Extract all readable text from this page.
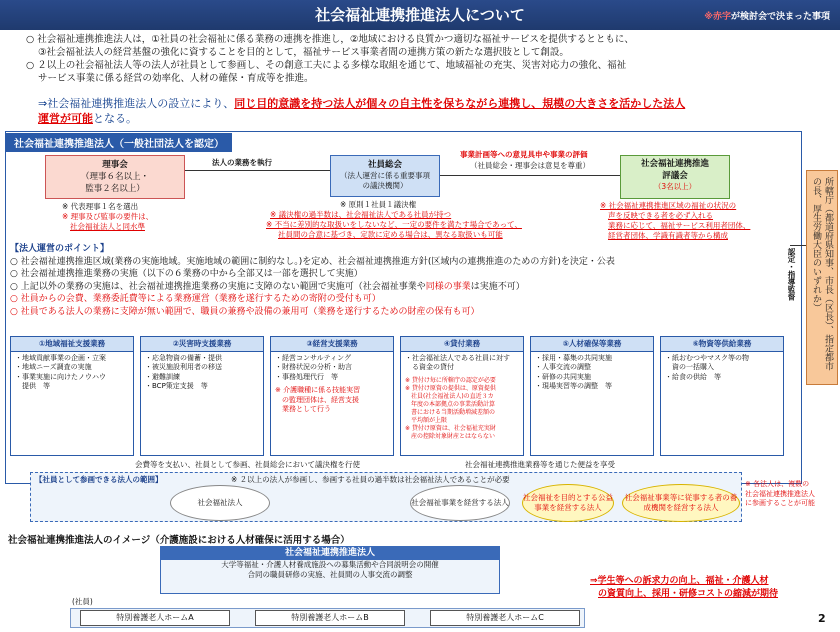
社会福祉連携推進法人について	※赤字が検討会で決まった事項
○ 社会福祉連携推進法人は，①社員の社会福祉に係る業務の連携を推進し，②地域における良質かつ適切な福祉サービスを提供するとともに、
③社会福祉法人の経営基盤の強化に資することを目的として，福祉サービス事業者間の連携方策の新たな選択肢として創設。
○ ２以上の社会福祉法人等の法人が社員として参画し、その創意工夫による多様な取組を通じて、地域福祉の充実、災害対応力の強化、福祉
サービス事業に係る経営の効率化、人材の確保・育成等を推進。
⇒社会福祉連携推進法人の設立により、同じ目的意識を持つ法人が個々の自主性を保ちながら連携し、規模の大きさを活かした法人
運営が可能となる。
社会福祉連携推進法人（一般社団法人を認定）
理事会
（理事６名以上・
監事２名以上）
※ 代表理事１名を選出
※ 理事及び監事の要件は、
社会福祉法人と同水準
法人の業務を執行	社員総会
（法人運営に係る重要事項
の議決機関）
※ 原則１社員１議決権
※ 議決権の過半数は、社会福祉法人である社員が持つ
※ 不当に差別的な取扱いをしないなど、一定の要件を満たす場合であって、
社員間の合意に基づき、定款に定める場合は、異なる取扱いも可能
事業計画等への意見具申や事業の評価
（社員総会・理事会は意見を尊重）	社会福祉連携推進
評議会
（3名以上）
※ 社会福祉連携推進区域の福祉の状況の
声を反映できる者を必ず入れる
業務に応じて、福祉サービス利用者団体、
経営者団体、学識有識者等から構成
【法人運営のポイント】
○ 社会福祉連携推進区域(業務の実施地域。実施地域の範囲に制約なし。)を定め、社会福祉連携推進方針(区域内の連携推進のための方針)を決定・公表
○ 社会福祉連携推進業務の実施（以下の６業務の中から全部又は一部を選択して実施）
○ 上記以外の業務の実施は、社会福祉連携推進業務の実施に支障のない範囲で実施可（社会福祉事業や同様の事業は実施不可）
○ 社員からの会費、業務委託費等による業務運営（業務を遂行するための寄附の受付も可）
○ 社員である法人の業務に支障が無い範囲で、職員の兼務や設備の兼用可（業務を遂行するための財産の保有も可）
①地域福祉支援業務
・地域貢献事業の企画・立案
・地域ニーズ調査の実施
・事業実施に向けたノウハウ
　提供　等
②災害時支援業務
・応急物資の備蓄・提供
・被災施設利用者の移送
・避難訓練
・BCP策定支援　等
③経営支援業務
・経営コンサルティング
・財務状況の分析・助言
・事務処理代行　等
※ 介護職種に係る技能実習
　の監理団体は、経営支援
　業務として行う
④貸付業務
・社会福祉法人である社員に対す
　る資金の貸付
※ 貸付け毎に所轄庁の認定が必要
※ 貸付け原資の提供は、原資提供
　社員(社会福祉法人)の直近３カ
　年度の本部拠点の事業活動計算
　書における当期活動増減差額の
　平均額が上限
※ 貸付け原資は、社会福祉充実財
　産の控除対象財産とはならない
⑤人材確保等業務
・採用・募集の共同実施
・人事交流の調整
・研修の共同実施
・現場実習等の調整　等
⑥物資等供給業務
・紙おむつやマスク等の物
　資の一括購入
・給食の供給　等
所轄庁（都道府県知事、市長（区長）、指定都市の長、厚生労働大臣のいずれか）
認定・指導監督
会費等を支払い、社員として参画、社員総会において議決権を行使	社会福祉連携推進業務等を通じた便益を享受
【社員として参画できる法人の範囲】	※ ２以上の法人が参画し、参画する社員の過半数は社会福祉法人であることが必要
社会福祉法人	社会福祉事業を経営する法人
社会福祉を目的とする公益事業を経営する法人
社会福祉事業等に従事する者の養成機関を経営する法人
※ 各法人は、複数の
社会福祉連携推進法人
に参画することが可能
社会福祉連携推進法人のイメージ（介護施設における人材確保に活用する場合）
社会福祉連携推進法人
大学等福祉・介護人材養成施設への募集活動や合同説明会の開催
合同の職員研修の実施、社員間の人事交流の調整
(社員)
特別養護老人ホームA	特別養護老人ホームB	特別養護老人ホームC
⇒学生等への訴求力の向上、福祉・介護人材
の資質向上、採用・研修コストの縮減が期待
2
